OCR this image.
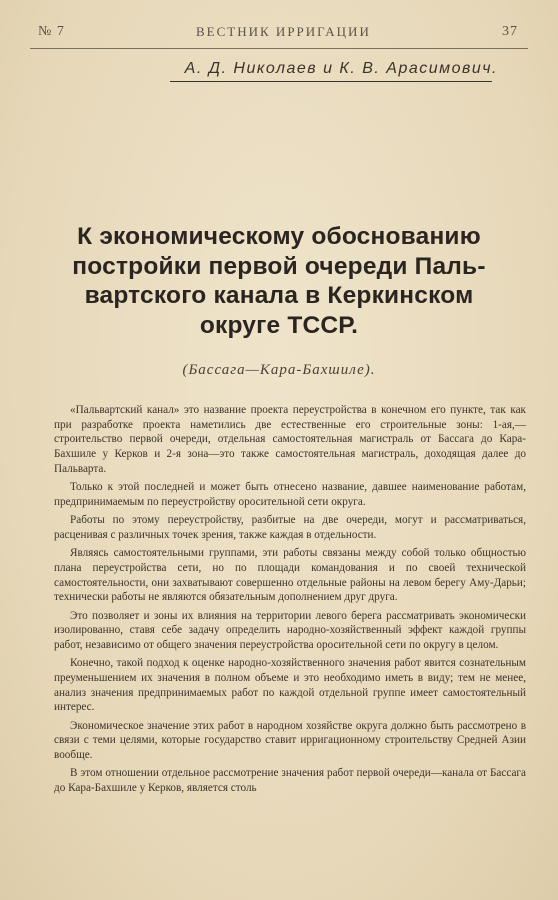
№ 7	ВЕСТНИК ИРРИГАЦИИ	37
А. Д. Николаев и К. В. Арасимович.
К экономическому обоснованию
постройки первой очереди Паль-
вартского канала в Керкинском
округе ТССР.
(Бассага—Кара-Бахшиле).

«Пальвартский канал» это название проекта переустройства в конечном его пункте, так как при разработке проекта наметились две естественные его строительные зоны: 1-ая,—строительство первой очереди, отдельная самостоятельная магистраль от Бассага до Кара-Бахшиле у Керков и 2-я зона—это также самостоятельная магистраль, доходящая далее до Пальварта.

Только к этой последней и может быть отнесено название, давшее наименование работам, предпринимаемым по переустройству оросительной сети округа.

Работы по этому переустройству, разбитые на две очереди, могут и рассматриваться, расценивая с различных точек зрения, также каждая в отдельности.

Являясь самостоятельными группами, эти работы связаны между собой только общностью плана переустройства сети, но по площади командования и по своей технической самостоятельности, они захватывают совершенно отдельные районы на левом берегу Аму-Дарьи; технически работы не являются обязательным дополнением друг друга.

Это позволяет и зоны их влияния на территории левого берега рассматривать экономически изолированно, ставя себе задачу определить народно-хозяйственный эффект каждой группы работ, независимо от общего значения переустройства оросительной сети по округу в целом.

Конечно, такой подход к оценке народно-хозяйственного значения работ явится сознательным преуменьшением их значения в полном объеме и это необходимо иметь в виду; тем не менее, анализ значения предпринимаемых работ по каждой отдельной группе имеет самостоятельный интерес.

Экономическое значение этих работ в народном хозяйстве округа должно быть рассмотрено в связи с теми целями, которые государство ставит ирригационному строительству Средней Азии вообще.

В этом отношении отдельное рассмотрение значения работ первой очереди—канала от Бассага до Кара-Бахшиле у Керков, является столь
